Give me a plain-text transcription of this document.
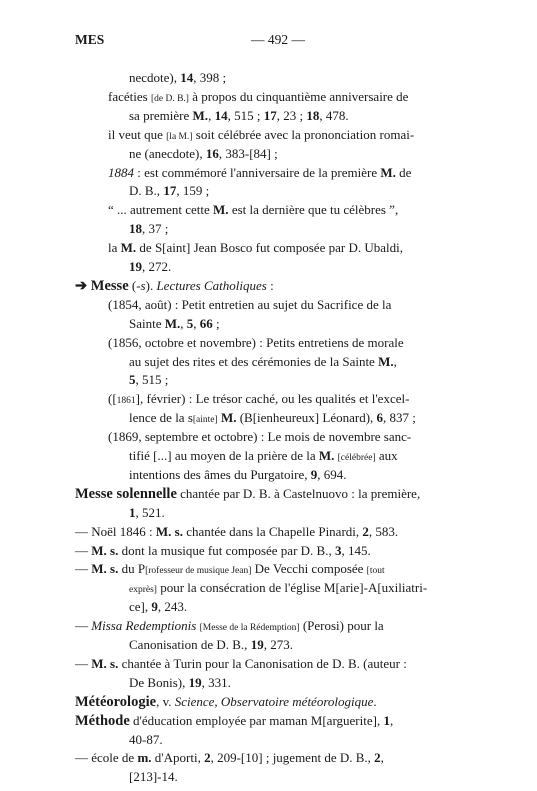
MES	— 492 —
necdote), 14, 398 ;
facéties [de D. B.] à propos du cinquantième anniversaire de
sa première M., 14, 515 ; 17, 23 ; 18, 478.
il veut que [la M.] soit célébrée avec la prononciation romai-
ne (anecdote), 16, 383-[84] ;
1884 : est commémoré l'anniversaire de la première M. de
D. B., 17, 159 ;
“ ... autrement cette M. est la dernière que tu célèbres ”,
18, 37 ;
la M. de S[aint] Jean Bosco fut composée par D. Ubaldi,
19, 272.
➔ Messe (-s). Lectures Catholiques :
(1854, août) : Petit entretien au sujet du Sacrifice de la
Sainte M., 5, 66 ;
(1856, octobre et novembre) : Petits entretiens de morale
au sujet des rites et des cérémonies de la Sainte M.,
5, 515 ;
([1861], février) : Le trésor caché, ou les qualités et l'excel-
lence de la s[ainte] M. (B[ienheureux] Léonard), 6, 837 ;
(1869, septembre et octobre) : Le mois de novembre sanc-
tifié [...] au moyen de la prière de la M. [célébrée] aux
intentions des âmes du Purgatoire, 9, 694.
Messe solennelle chantée par D. B. à Castelnuovo : la première,
1, 521.
— Noël 1846 : M. s. chantée dans la Chapelle Pinardi, 2, 583.
— M. s. dont la musique fut composée par D. B., 3, 145.
— M. s. du P[rofesseur de musique Jean] De Vecchi composée [tout
exprès] pour la consécration de l'église M[arie]-A[uxiliatri-
ce], 9, 243.
— Missa Redemptionis [Messe de la Rédemption] (Perosi) pour la
Canonisation de D. B., 19, 273.
— M. s. chantée à Turin pour la Canonisation de D. B. (auteur :
De Bonis), 19, 331.
Météorologie, v. Science, Observatoire météorologique.
Méthode d'éducation employée par maman M[arguerite], 1,
40-87.
— école de m. d'Aporti, 2, 209-[10] ; jugement de D. B., 2,
[213]-14.
